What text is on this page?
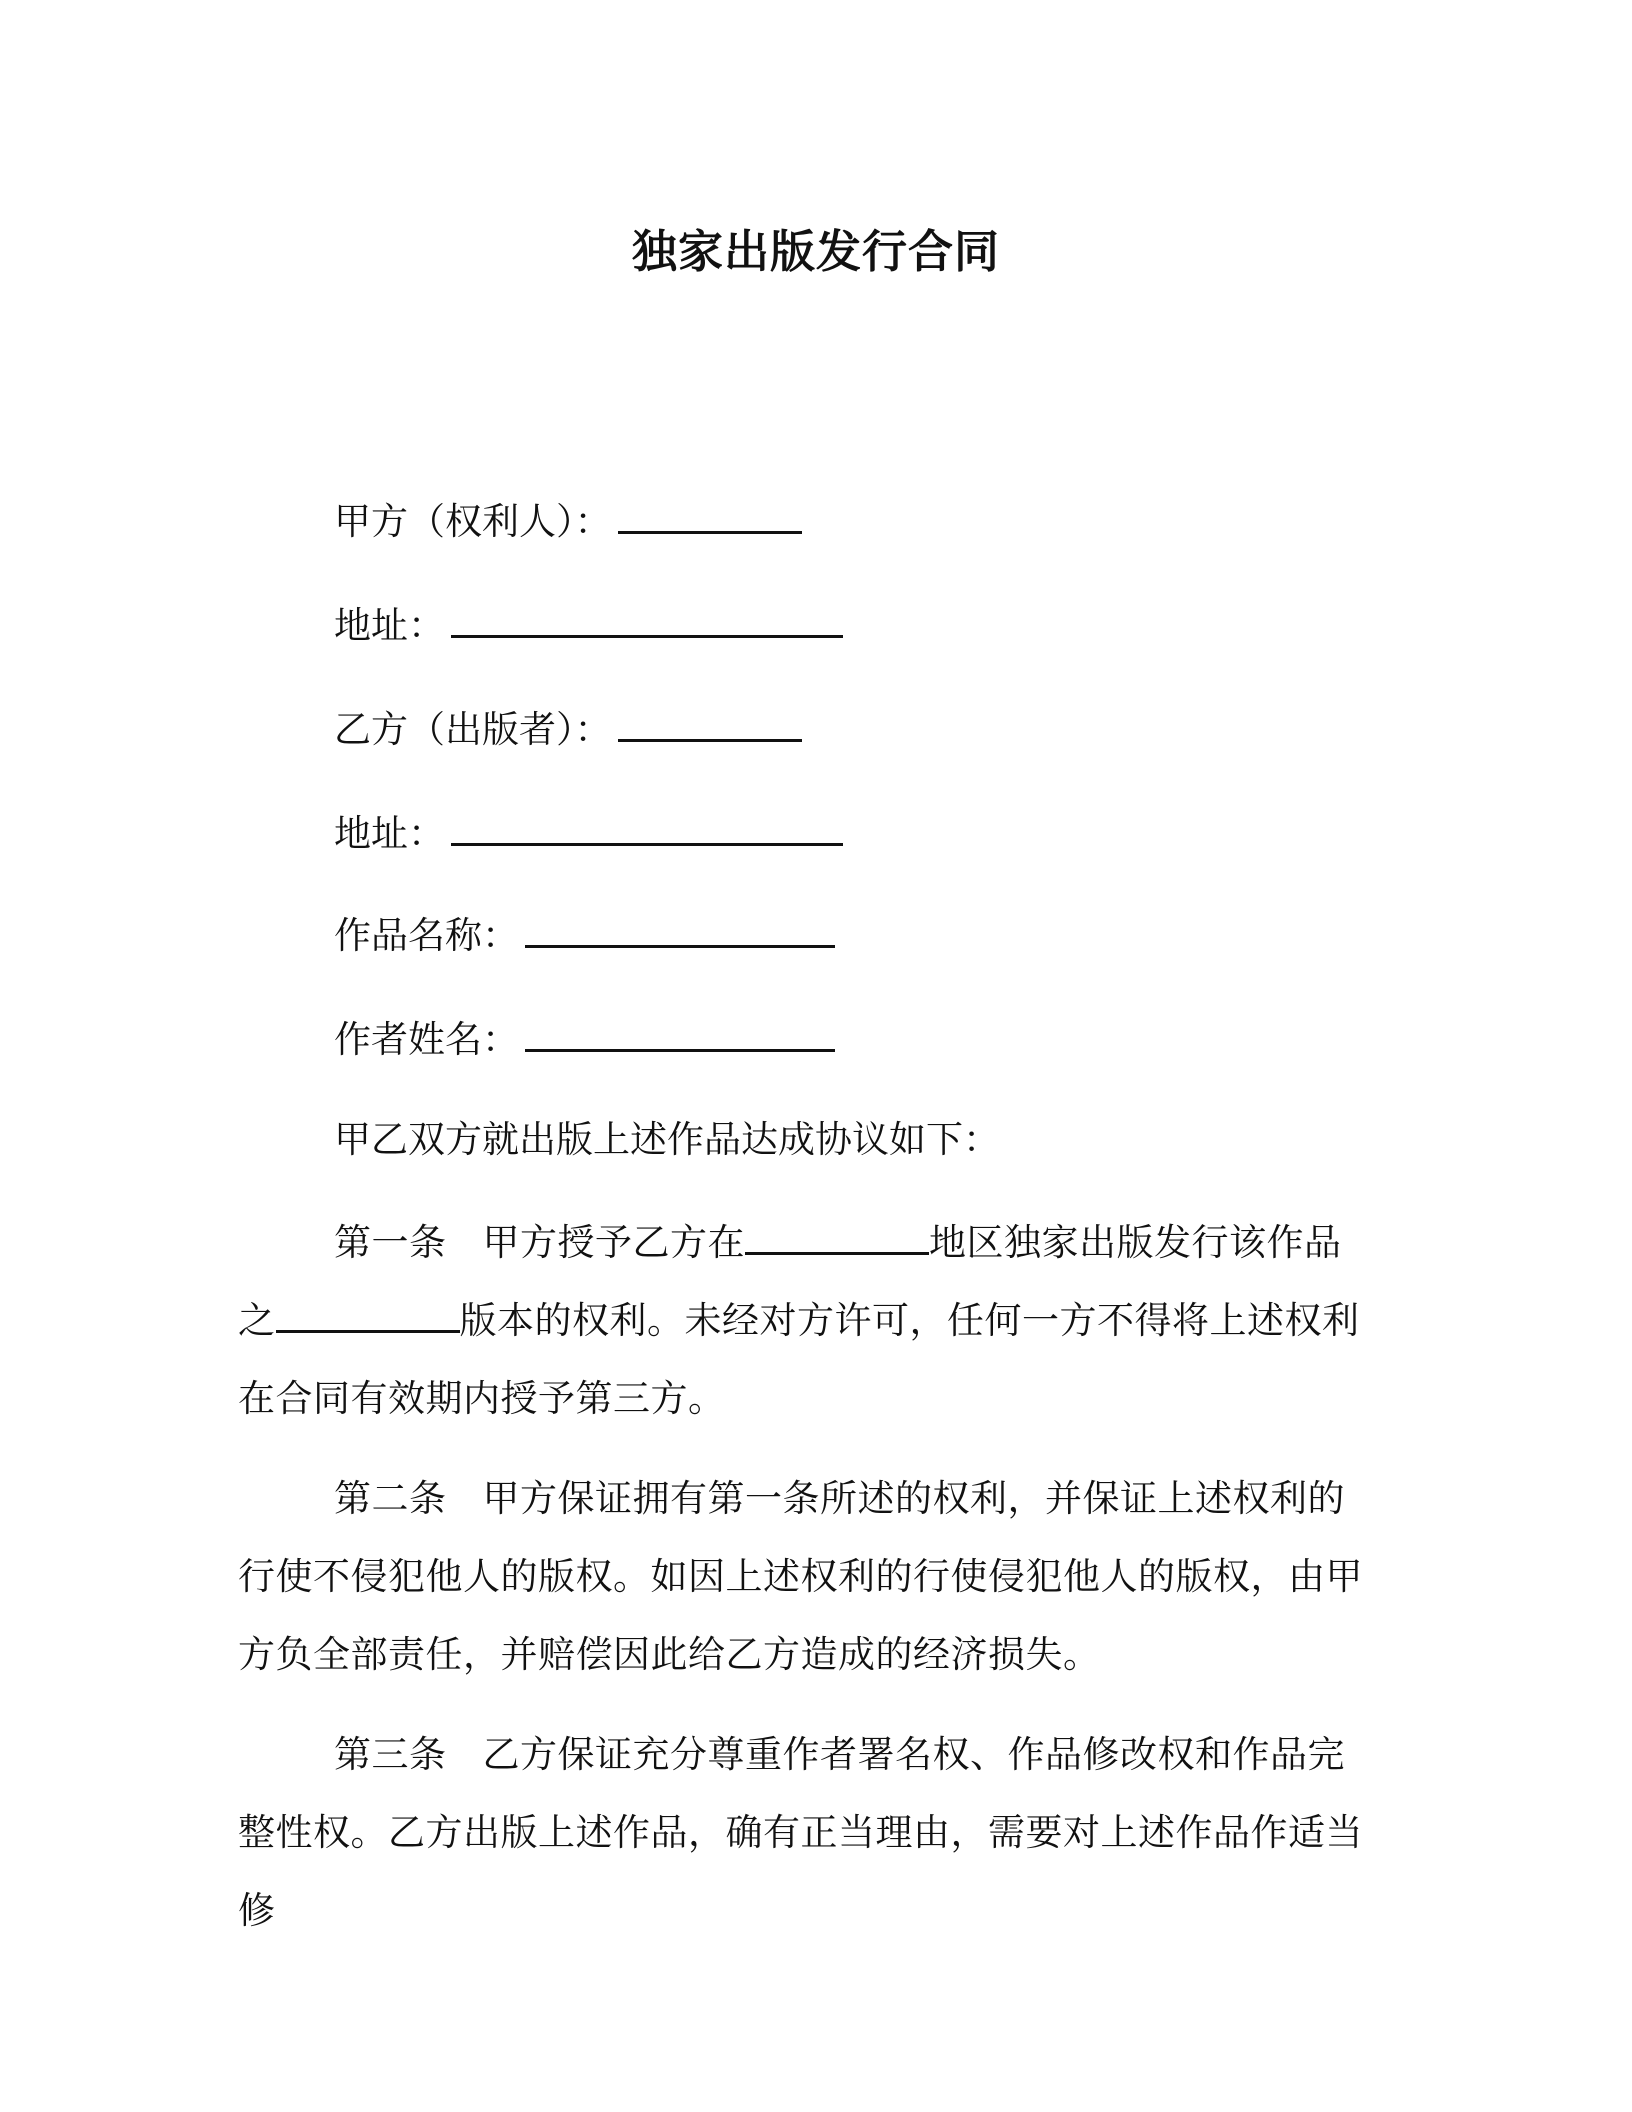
独家出版发行合同
甲方（权利人）：
地址：
乙方（出版者）：
地址：
作品名称：
作者姓名：
甲乙双方就出版上述作品达成协议如下：

第一条 甲方授予乙方在	地区独家出版发行该作品之	版本的权利。未经对方许可，任何一方不得将上述权利在合同有效期内授予第三方。

第二条 甲方保证拥有第一条所述的权利，并保证上述权利的行使不侵犯他人的版权。如因上述权利的行使侵犯他人的版权，由甲方负全部责任，并赔偿因此给乙方造成的经济损失。

第三条 乙方保证充分尊重作者署名权、作品修改权和作品完整性权。乙方出版上述作品，确有正当理由，需要对上述作品作适当修
